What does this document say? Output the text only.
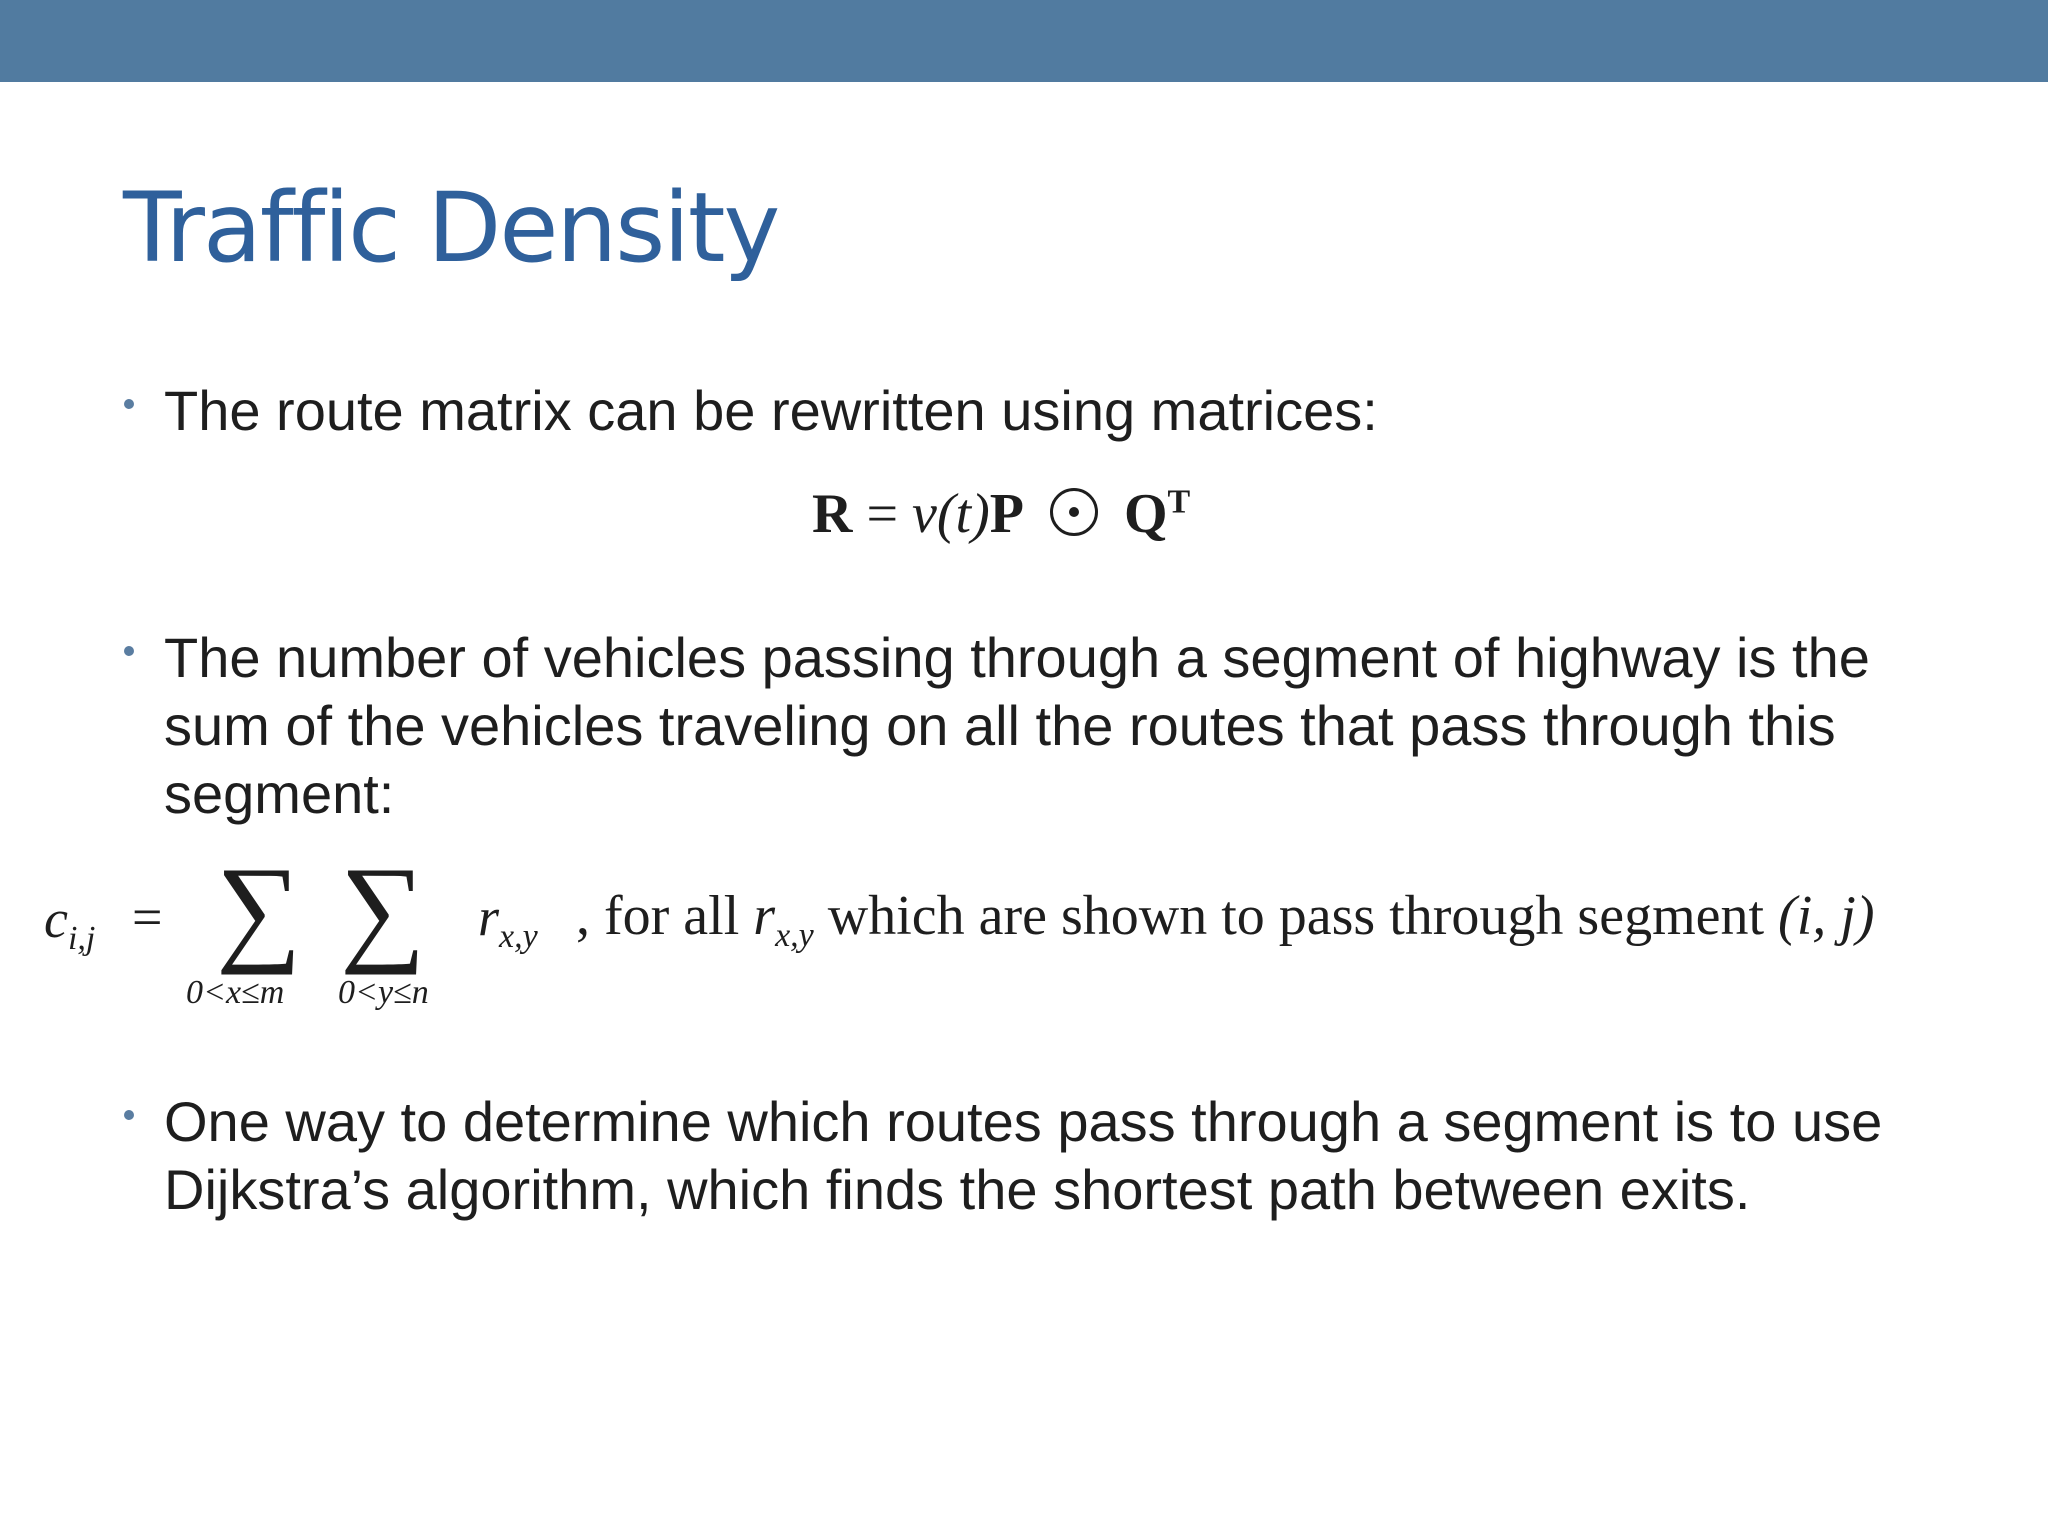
Traffic Density
The route matrix can be rewritten using matrices:
R = v(t)P $Q^T$
The number of vehicles passing through a segment of highway is the
sum of the vehicles traveling on all the routes that pass through this
segment:
$c_{i,j}$ = ∑ ∑
0<x≤m 0<y≤n
$r_{x,y}$ , for all $r_{x,y}$ which are shown to pass through segment (i, j)
One way to determine which routes pass through a segment is to use
Dijkstra’s algorithm, which finds the shortest path between exits.
